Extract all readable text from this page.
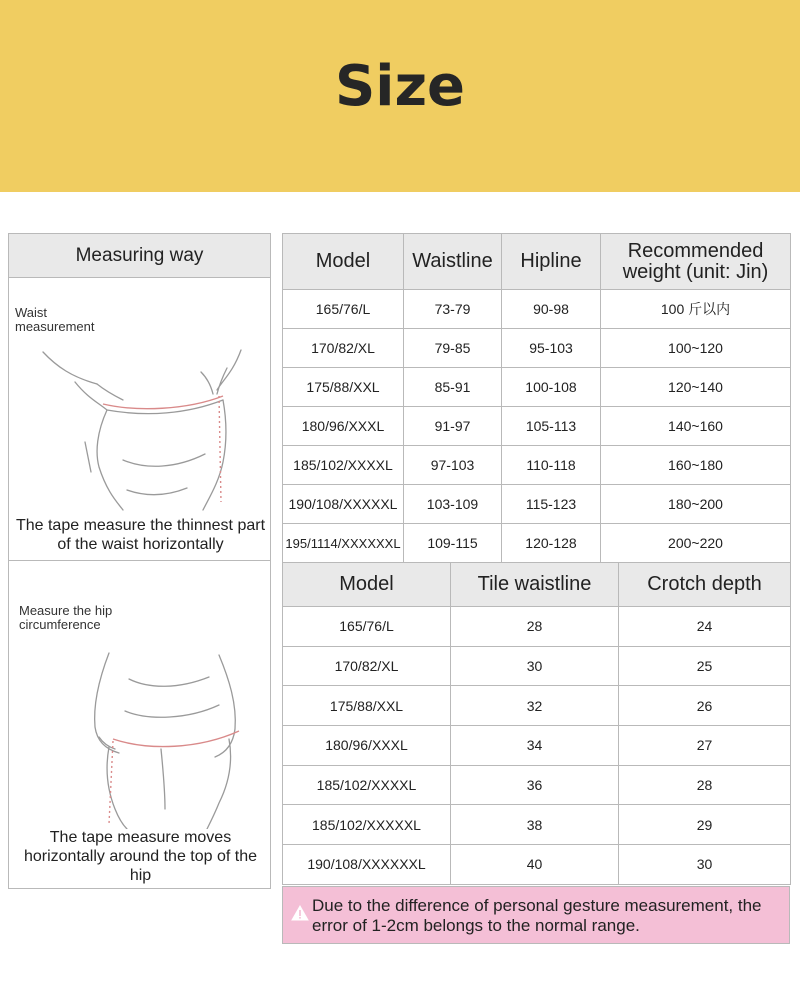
Size
Measuring way
Waist measurement
The tape measure the thinnest part of the waist horizontally
Measure the hip circumference
The tape measure moves horizontally around the top of the hip
Model	Waistline	Hipline	Recommended weight (unit: Jin)
165/76/L	73-79	90-98	100 斤以内
170/82/XL	79-85	95-103	100~120
175/88/XXL	85-91	100-108	120~140
180/96/XXXL	91-97	105-113	140~160
185/102/XXXXL	97-103	110-118	160~180
190/108/XXXXXL	103-109	115-123	180~200
195/1114/XXXXXXL	109-115	120-128	200~220
Model	Tile waistline	Crotch depth
165/76/L	28	24
170/82/XL	30	25
175/88/XXL	32	26
180/96/XXXL	34	27
185/102/XXXXL	36	28
185/102/XXXXXL	38	29
190/108/XXXXXXL	40	30
Due to the difference of personal gesture measurement, the error of 1-2cm belongs to the normal range.
